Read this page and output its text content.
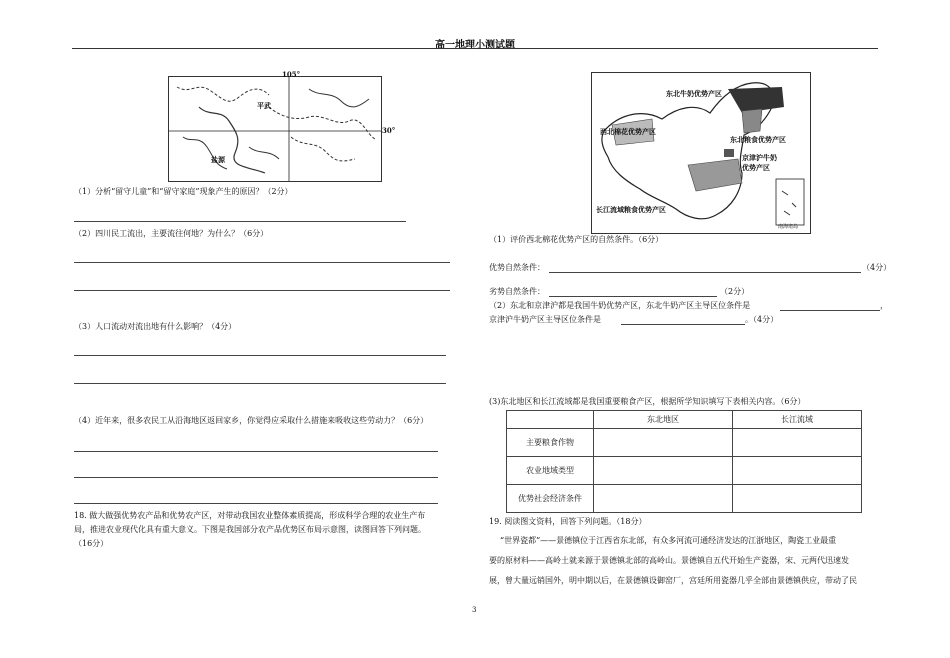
高一地理小测试题
平武
盐源
105°
30°
（1）分析“留守儿童”和“留守家庭”现象产生的原因？（2分）
（2）四川民工流出，主要流往何地？为什么？（6分）
（3）人口流动对流出地有什么影响？（4分）
（4）近年来，很多农民工从沿海地区返回家乡，你觉得应采取什么措施来吸收这些劳动力？（6分）
18. 做大做强优势农产品和优势农产区，对带动我国农业整体素质提高，形成科学合理的农业生产布
局，推进农业现代化具有重大意义。下图是我国部分农产品优势区布局示意图，读图回答下列问题。
（16分）
东北牛奶优势产区
西北棉花优势产区
东北粮食优势产区
京津沪牛奶
优势产区
长江流域粮食优势产区
南海诸岛
（1）评价西北棉花优势产区的自然条件。（6分）
优势自然条件：	（4分）
劣势自然条件：	（2分）
（2）东北和京津沪都是我国牛奶优势产区，东北牛奶产区主导区位条件是	，
京津沪牛奶产区主导区位条件是	。（4分）
(3)东北地区和长江流域都是我国重要粮食产区，根据所学知识填写下表相关内容。（6分）
	东北地区	长江流域
主要粮食作物		
农业地域类型		
优势社会经济条件		
19. 阅读图文资料，回答下列问题。（18分）
“世界瓷都”——景德镇位于江西省东北部，有众多河流可通经济发达的江浙地区，陶瓷工业最重
要的原材料——高岭土就来源于景德镇北部的高岭山。景德镇自五代开始生产瓷器，宋、元两代迅速发
展，曾大量远销国外，明中期以后，在景德镇设御窑厂，宫廷所用瓷器几乎全部由景德镇供应，带动了民
3
